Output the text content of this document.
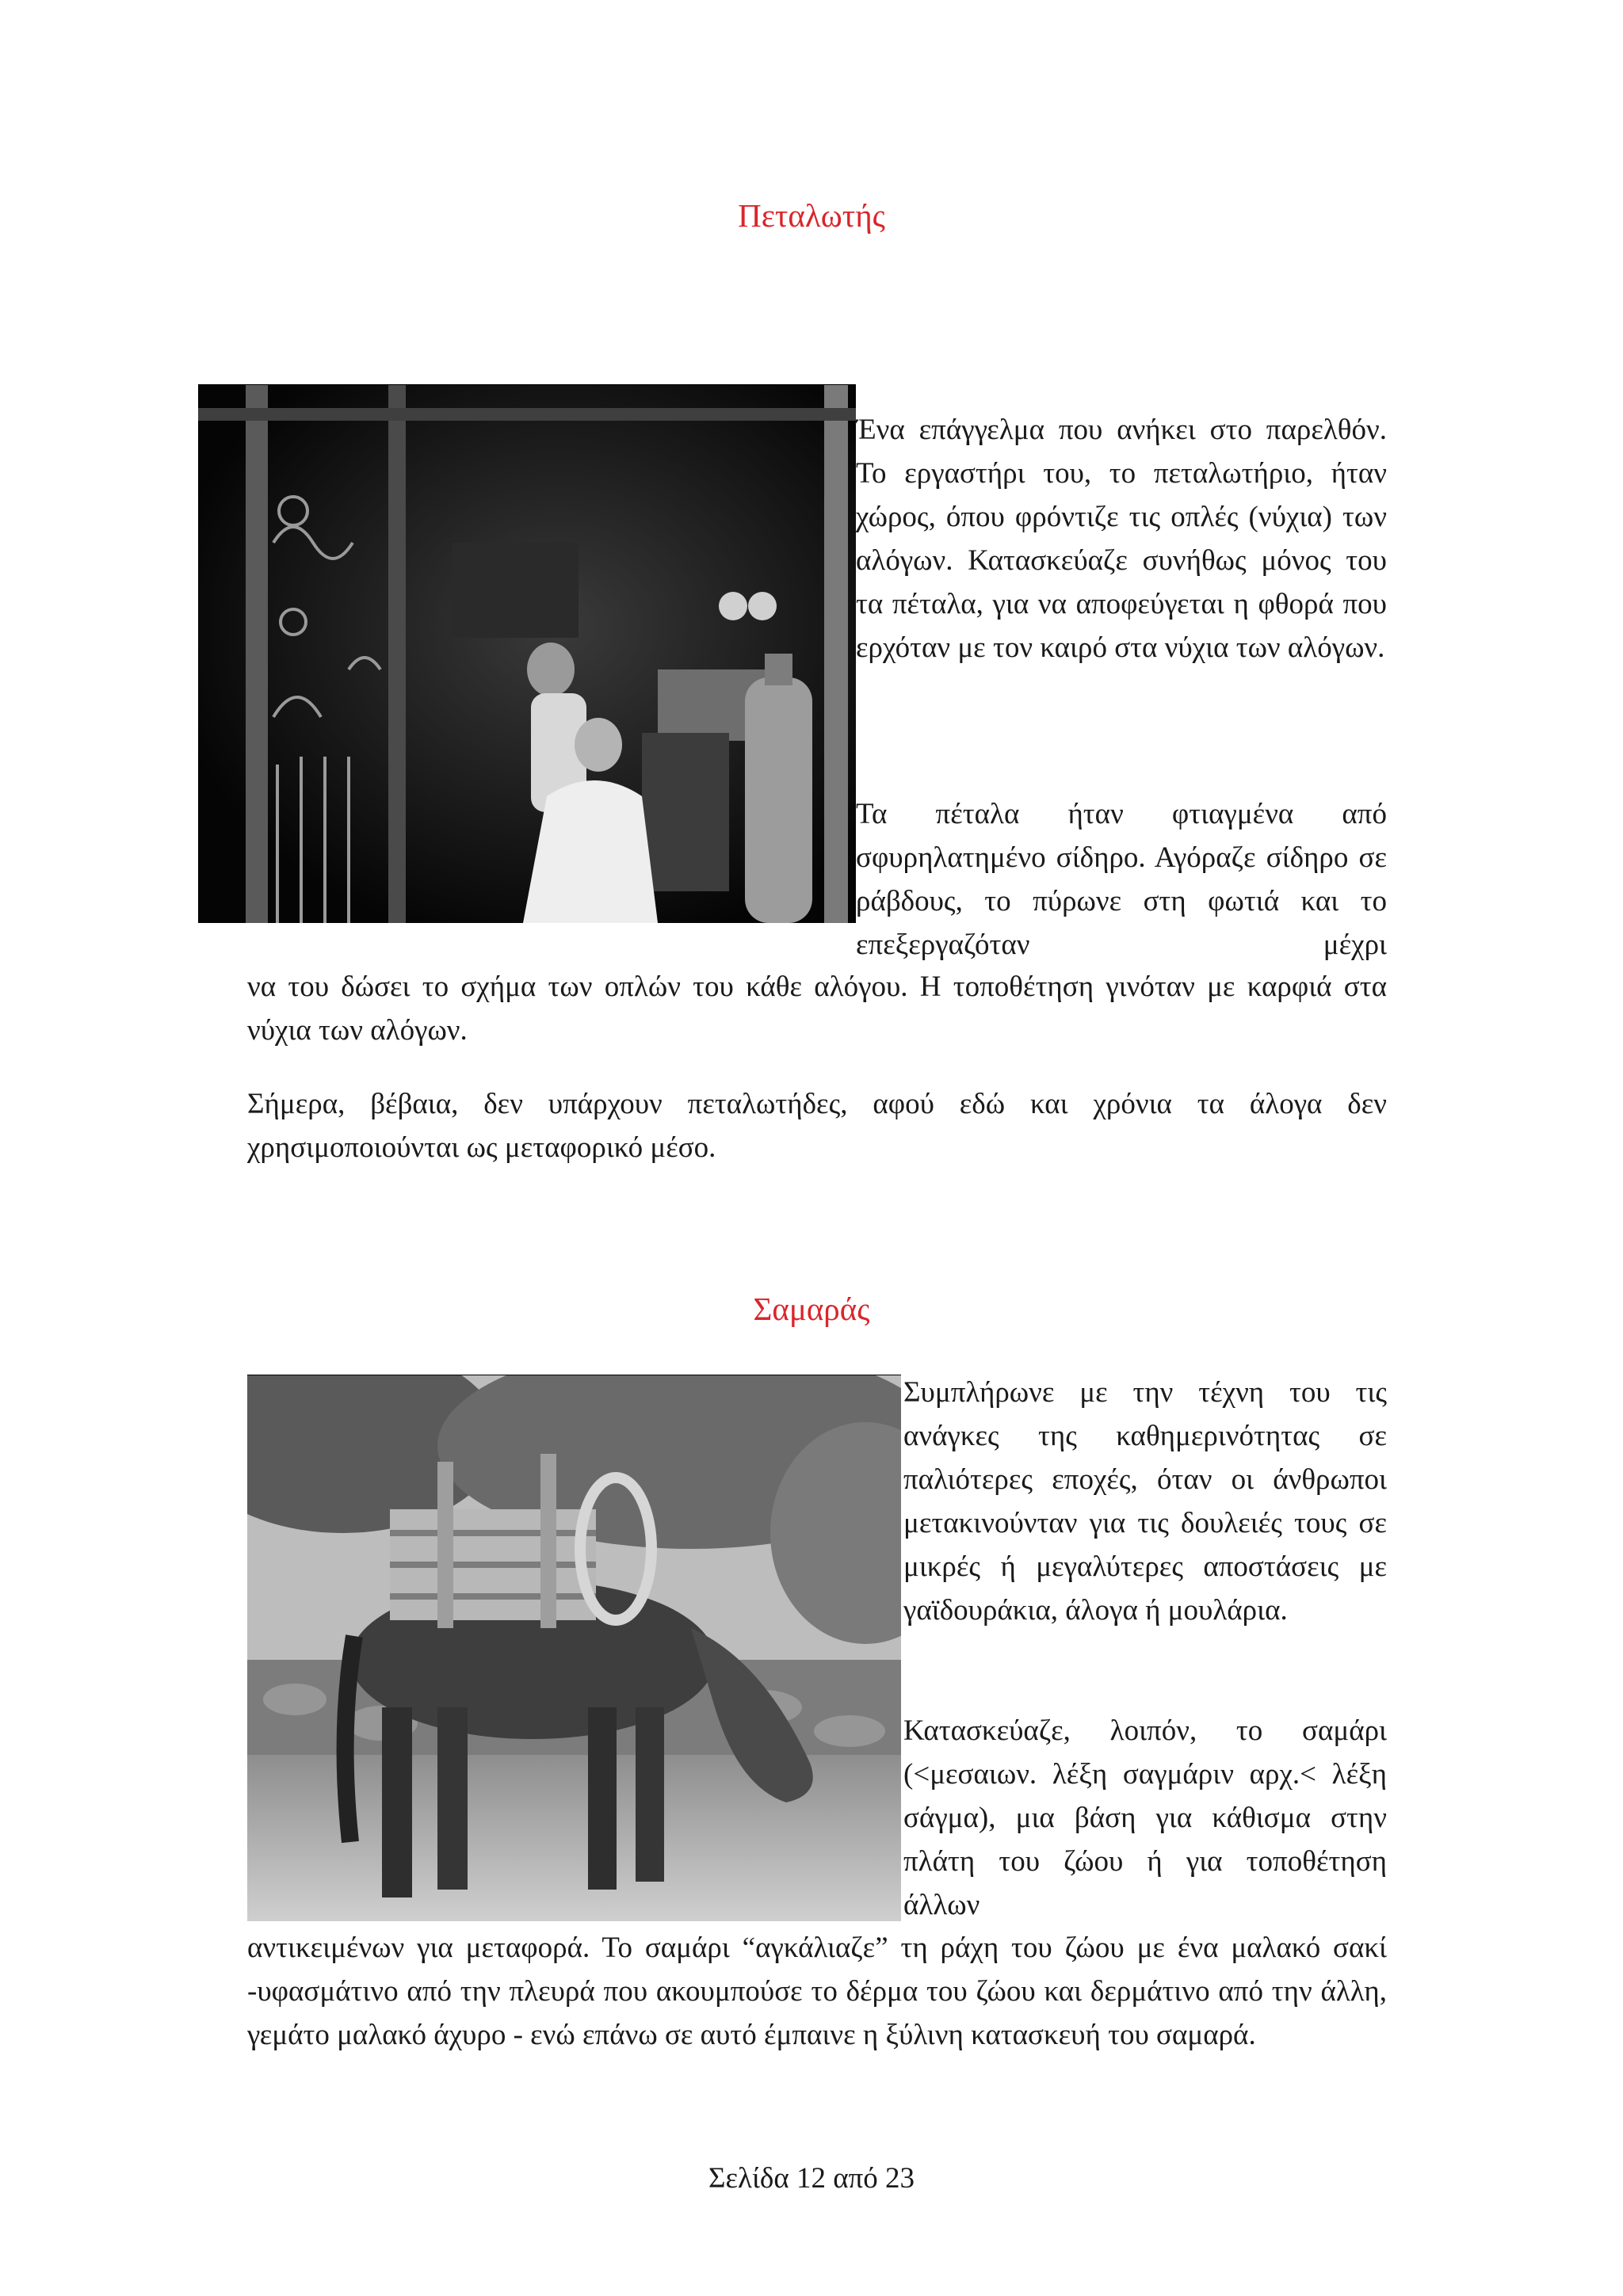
Πεταλωτής

Ένα επάγγελμα που ανήκει στο παρελθόν. Το εργαστήρι του, το πεταλωτήριο, ήταν χώρος, όπου φρόντιζε τις οπλές (νύχια) των αλόγων. Κατασκεύαζε συνήθως μόνος του τα πέταλα, για να αποφεύγεται η φθορά που ερχόταν με τον καιρό στα νύχια των αλόγων.

Τα πέταλα ήταν φτιαγμένα από σφυρηλατημένο σίδηρο. Αγόραζε σίδηρο σε ράβδους, το πύρωνε στη φωτιά και το επεξεργαζόταν μέχρι

να του δώσει το σχήμα των οπλών του κάθε αλόγου. Η τοποθέτηση γινόταν με καρφιά στα νύχια των αλόγων.

Σήμερα, βέβαια, δεν υπάρχουν πεταλωτήδες, αφού εδώ και χρόνια τα άλογα δεν χρησιμοποιούνται ως μεταφορικό μέσο.

Σαμαράς

Συμπλήρωνε με την τέχνη του τις ανάγκες της καθημερινότητας σε παλιότερες εποχές, όταν οι άνθρωποι μετακινούνταν για τις δουλειές τους σε μικρές ή μεγαλύτερες αποστάσεις με γαϊδουράκια, άλογα ή μουλάρια.

Κατασκεύαζε, λοιπόν, το σαμάρι (<μεσαιων. λέξη σαγμάριν αρχ.< λέξη σάγμα), μια βάση για κάθισμα στην πλάτη του ζώου ή για τοποθέτηση άλλων

αντικειμένων για μεταφορά. Το σαμάρι “αγκάλιαζε” τη ράχη του ζώου με ένα μαλακό σακί -υφασμάτινο από την πλευρά που ακουμπούσε το δέρμα του ζώου και δερμάτινο από την άλλη, γεμάτο μαλακό άχυρο - ενώ επάνω σε αυτό έμπαινε η ξύλινη κατασκευή του σαμαρά.

Σελίδα 12 από 23
